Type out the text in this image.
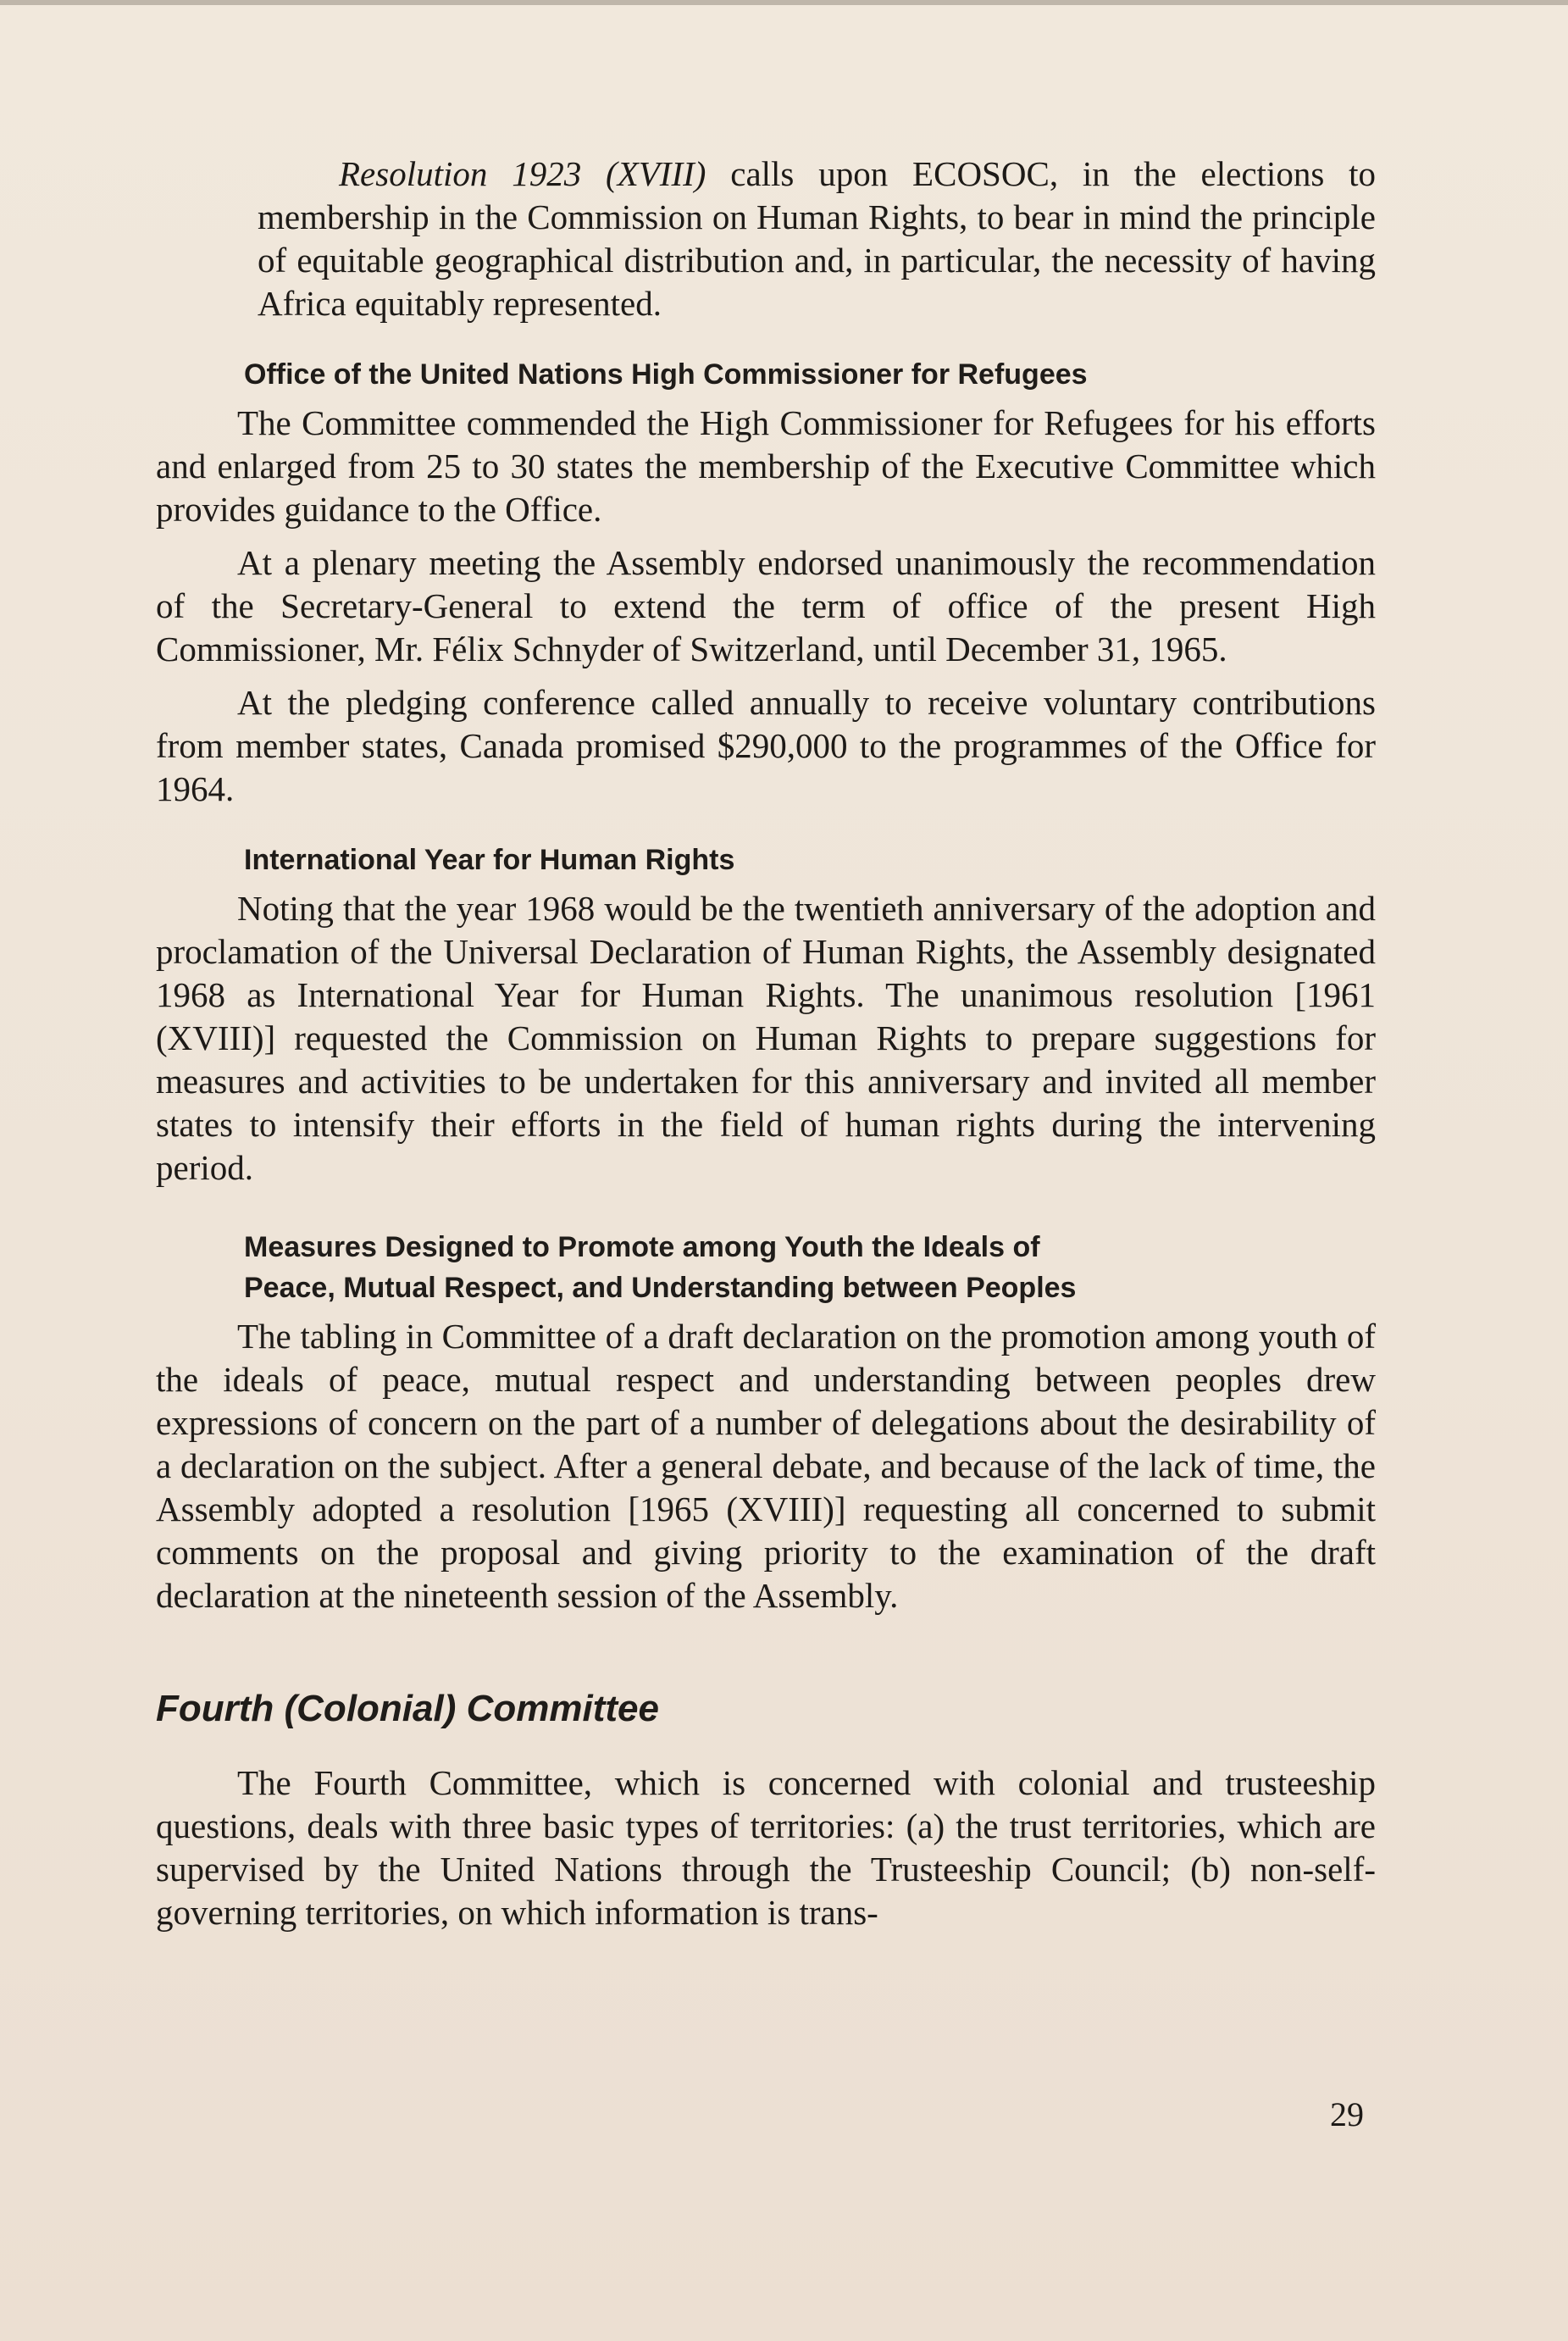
Resolution 1923 (XVIII) calls upon ECOSOC, in the elections to membership in the Commission on Human Rights, to bear in mind the principle of equitable geographical distribution and, in particular, the necessity of having Africa equitably represented.

Office of the United Nations High Commissioner for Refugees

The Committee commended the High Commissioner for Refugees for his efforts and enlarged from 25 to 30 states the membership of the Executive Committee which provides guidance to the Office.

At a plenary meeting the Assembly endorsed unanimously the recommendation of the Secretary-General to extend the term of office of the present High Commissioner, Mr. Félix Schnyder of Switzerland, until December 31, 1965.

At the pledging conference called annually to receive voluntary contributions from member states, Canada promised $290,000 to the programmes of the Office for 1964.

International Year for Human Rights

Noting that the year 1968 would be the twentieth anniversary of the adoption and proclamation of the Universal Declaration of Human Rights, the Assembly designated 1968 as International Year for Human Rights. The unanimous resolution [1961 (XVIII)] requested the Commission on Human Rights to prepare suggestions for measures and activities to be undertaken for this anniversary and invited all member states to intensify their efforts in the field of human rights during the intervening period.

Measures Designed to Promote among Youth the Ideals of
Peace, Mutual Respect, and Understanding between Peoples

The tabling in Committee of a draft declaration on the promotion among youth of the ideals of peace, mutual respect and understanding between peoples drew expressions of concern on the part of a number of delegations about the desirability of a declaration on the subject. After a general debate, and because of the lack of time, the Assembly adopted a resolution [1965 (XVIII)] requesting all concerned to submit comments on the proposal and giving priority to the examination of the draft declaration at the nineteenth session of the Assembly.

Fourth (Colonial) Committee

The Fourth Committee, which is concerned with colonial and trusteeship questions, deals with three basic types of territories: (a) the trust territories, which are supervised by the United Nations through the Trusteeship Council; (b) non-self-governing territories, on which information is trans-

29
